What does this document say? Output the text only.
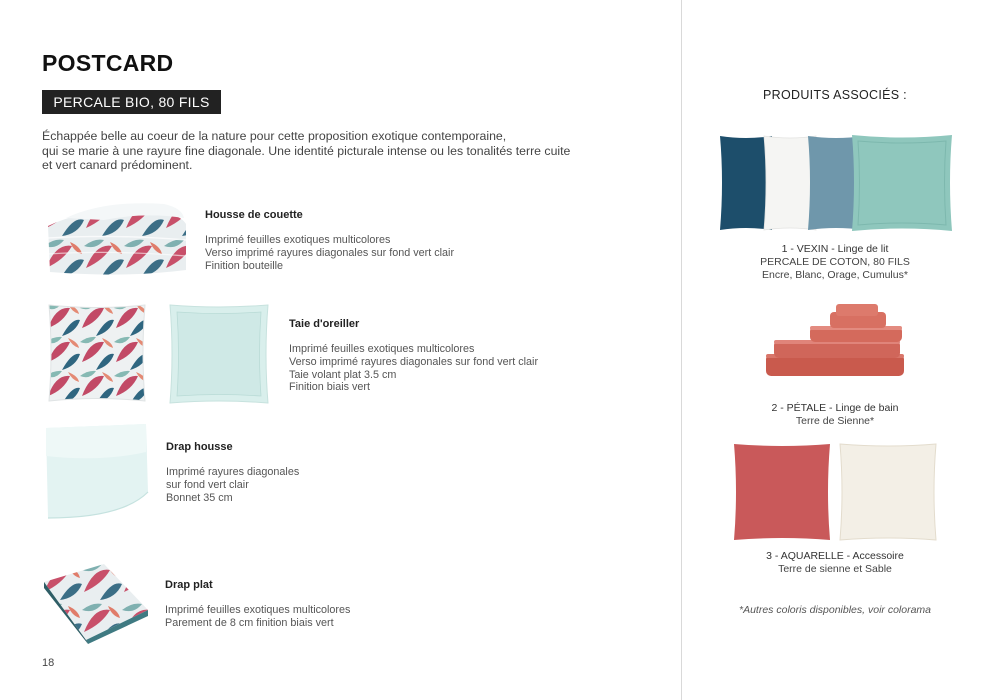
POSTCARD
PERCALE BIO, 80 FILS
Échappée belle au coeur de la nature pour cette proposition exotique contemporaine,
qui se marie à une rayure fine diagonale. Une identité picturale intense ou les tonalités terre cuite
et vert canard prédominent.
Housse de couette
Imprimé feuilles exotiques multicolores
Verso imprimé rayures diagonales sur fond vert clair
Finition bouteille
Taie d'oreiller
Imprimé feuilles exotiques multicolores
Verso imprimé rayures diagonales sur fond vert clair
Taie volant plat 3.5 cm
Finition biais vert
Drap housse
Imprimé rayures diagonales
sur fond vert clair
Bonnet 35 cm
Drap plat
Imprimé feuilles exotiques multicolores
Parement de 8 cm finition biais vert
18
PRODUITS ASSOCIÉS :
1 - VEXIN - Linge de lit
PERCALE DE COTON, 80 FILS
Encre, Blanc, Orage, Cumulus*
2 - PÉTALE - Linge de bain
Terre de Sienne*
3 - AQUARELLE - Accessoire
Terre de sienne et Sable
*Autres coloris disponibles, voir colorama
